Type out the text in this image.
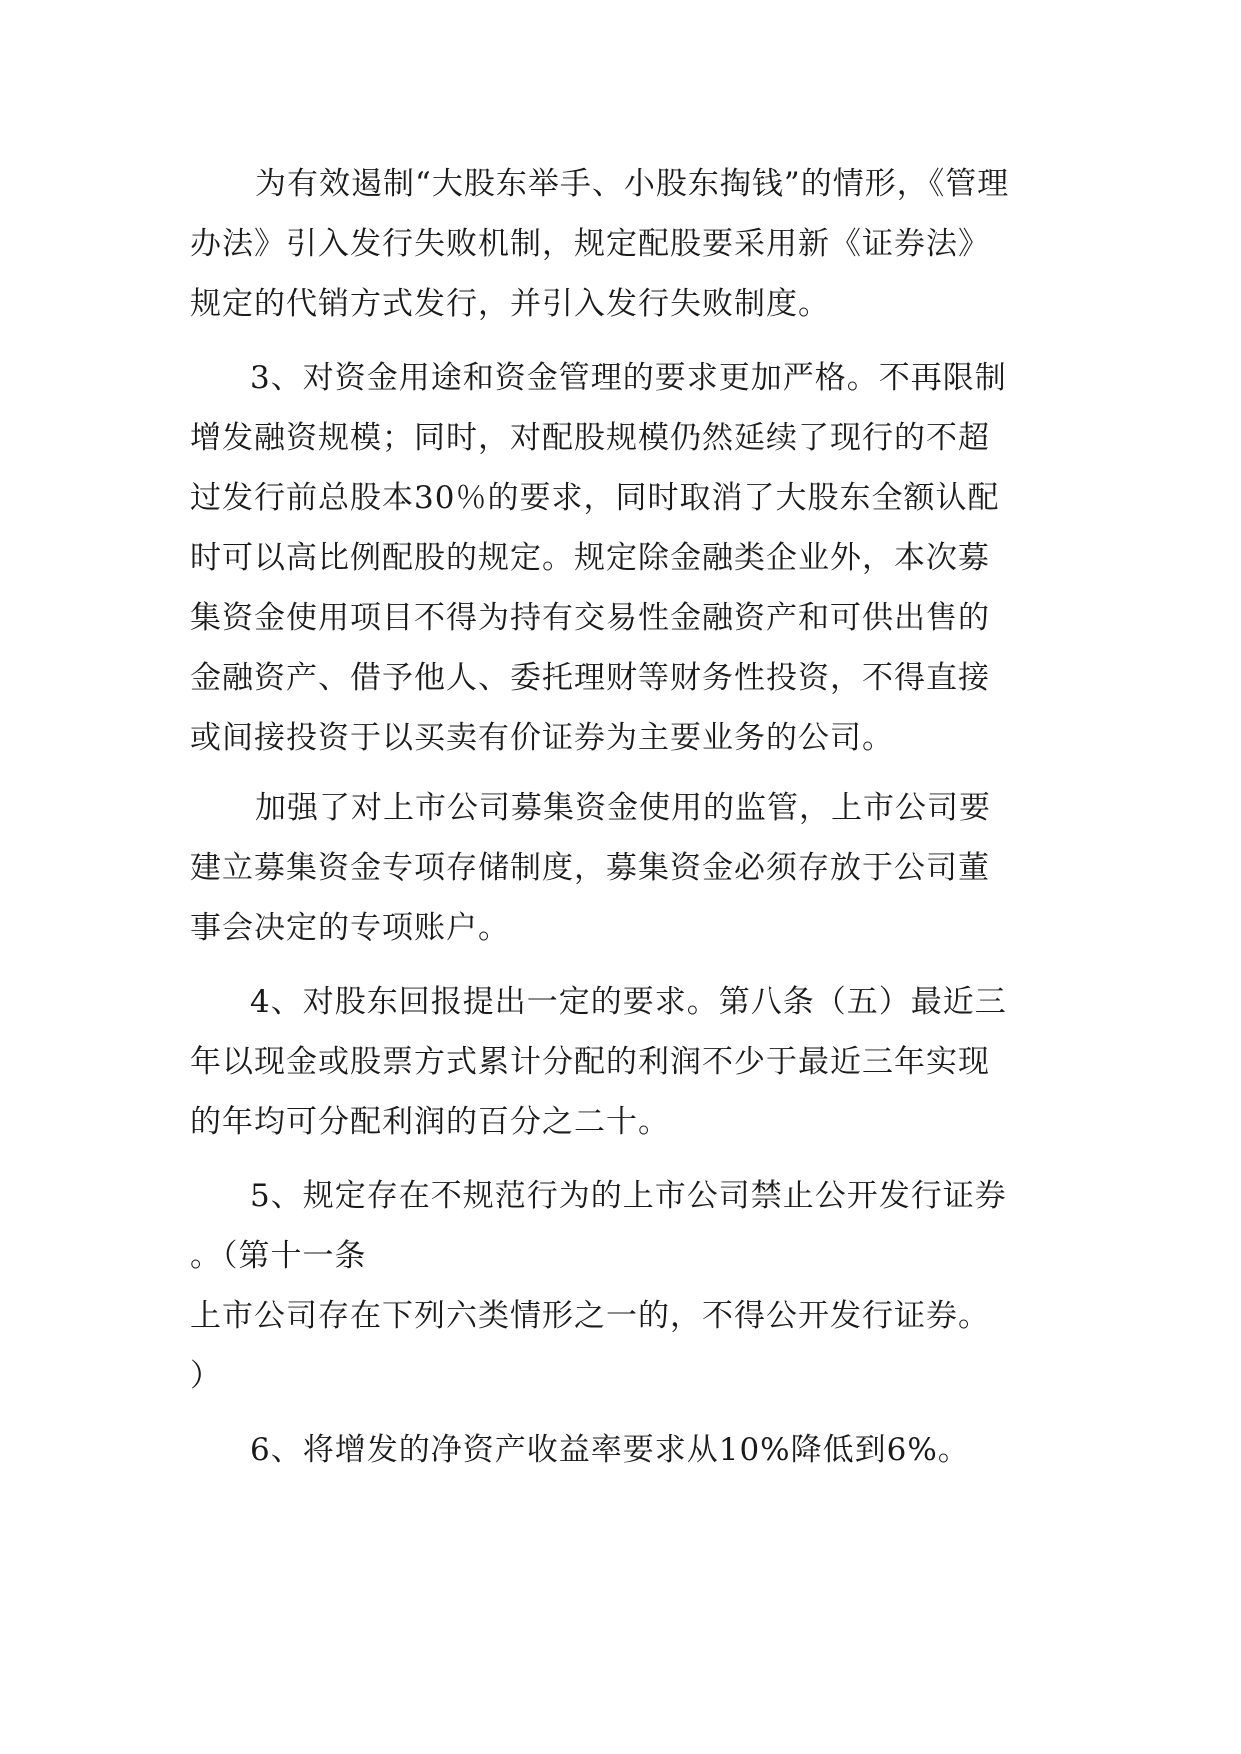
为有效遏制“大股东举手、小股东掏钱”的情形，《管理
办法》引入发行失败机制，规定配股要采用新《证券法》
规定的代销方式发行，并引入发行失败制度。
3、对资金用途和资金管理的要求更加严格。不再限制
增发融资规模；同时，对配股规模仍然延续了现行的不超
过发行前总股本30％的要求，同时取消了大股东全额认配
时可以高比例配股的规定。规定除金融类企业外，本次募
集资金使用项目不得为持有交易性金融资产和可供出售的
金融资产、借予他人、委托理财等财务性投资，不得直接
或间接投资于以买卖有价证券为主要业务的公司。
加强了对上市公司募集资金使用的监管，上市公司要
建立募集资金专项存储制度，募集资金必须存放于公司董
事会决定的专项账户。
4、对股东回报提出一定的要求。第八条（五）最近三
年以现金或股票方式累计分配的利润不少于最近三年实现
的年均可分配利润的百分之二十。
5、规定存在不规范行为的上市公司禁止公开发行证券
。（第十一条
上市公司存在下列六类情形之一的，不得公开发行证券。
）
6、将增发的净资产收益率要求从10%降低到6%。
